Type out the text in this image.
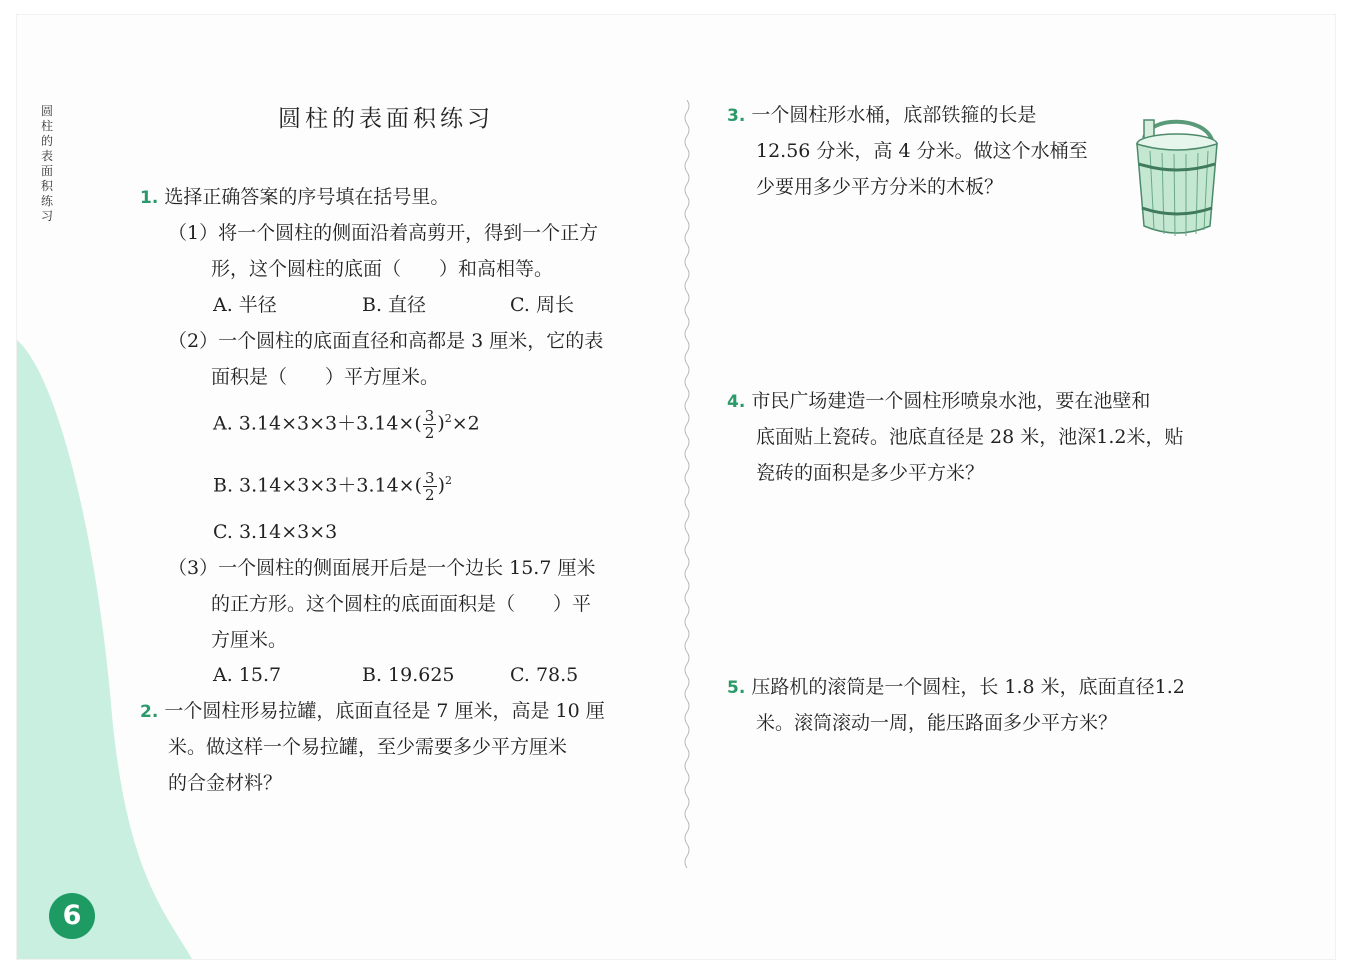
圆
柱
的
表
面
积
练
习
6
圆柱的表面积练习
1. 选择正确答案的序号填在括号里。
（1）将一个圆柱的侧面沿着高剪开，得到一个正方
形，这个圆柱的底面（　　）和高相等。
A. 半径	B. 直径	C. 周长
（2）一个圆柱的底面直径和高都是 3 厘米，它的表
面积是（　　）平方厘米。
A. $3.14\times 3\times 3+3.14\times( \frac{3}{2} )^2\times 2$
B. $3.14\times 3\times 3+3.14\times( \frac{3}{2} )^2$
C. 3.14×3×3
（3）一个圆柱的侧面展开后是一个边长 15.7 厘米
的正方形。这个圆柱的底面面积是（　　）平
方厘米。
A. 15.7	B. 19.625	C. 78.5
2. 一个圆柱形易拉罐，底面直径是 7 厘米，高是 10 厘
米。做这样一个易拉罐，至少需要多少平方厘米
的合金材料？
3. 一个圆柱形水桶，底部铁箍的长是
12.56 分米，高 4 分米。做这个水桶至
少要用多少平方分米的木板？
4. 市民广场建造一个圆柱形喷泉水池，要在池壁和
底面贴上瓷砖。池底直径是 28 米，池深1.2米，贴
瓷砖的面积是多少平方米？
5. 压路机的滚筒是一个圆柱，长 1.8 米，底面直径1.2
米。滚筒滚动一周，能压路面多少平方米？
